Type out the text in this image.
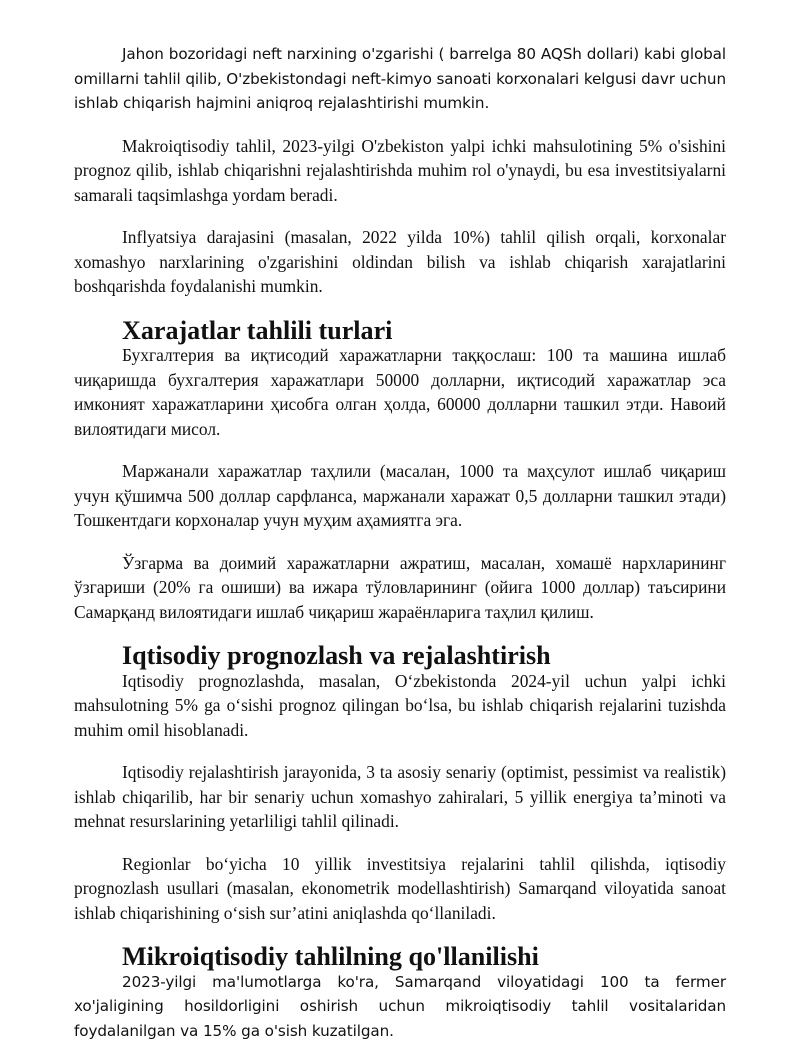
Jahon bozoridagi neft narxining o'zgarishi ( barrelga 80 AQSh dollari) kabi global omillarni tahlil qilib, O'zbekistondagi neft-kimyo sanoati korxonalari kelgusi davr uchun ishlab chiqarish hajmini aniqroq rejalashtirishi mumkin.

Makroiqtisodiy tahlil, 2023-yilgi O'zbekiston yalpi ichki mahsulotining 5% o'sishini prognoz qilib, ishlab chiqarishni rejalashtirishda muhim rol o'ynaydi, bu esa investitsiyalarni samarali taqsimlashga yordam beradi.

Inflyatsiya darajasini (masalan, 2022 yilda 10%) tahlil qilish orqali, korxonalar xomashyo narxlarining o'zgarishini oldindan bilish va ishlab chiqarish xarajatlarini boshqarishda foydalanishi mumkin.

Xarajatlar tahlili turlari

Бухгалтерия ва иқтисодий харажатларни таққослаш: 100 та машина ишлаб чиқаришда бухгалтерия харажатлари 50000 долларни, иқтисодий харажатлар эса имконият харажатларини ҳисобга олган ҳолда, 60000 долларни ташкил этди. Навоий вилоятидаги мисол.

Маржанали харажатлар таҳлили (масалан, 1000 та маҳсулот ишлаб чиқариш учун қўшимча 500 доллар сарфланса, маржанали харажат 0,5 долларни ташкил этади) Тошкентдаги корхоналар учун муҳим аҳамиятга эга.

Ўзгарма ва доимий харажатларни ажратиш, масалан, хомашё нархларининг ўзгариши (20% га ошиши) ва ижара тўловларининг (ойига 1000 доллар) таъсирини Самарқанд вилоятидаги ишлаб чиқариш жараёнларига таҳлил қилиш.

Iqtisodiy prognozlash va rejalashtirish

Iqtisodiy prognozlashda, masalan, O‘zbekistonda 2024-yil uchun yalpi ichki mahsulotning 5% ga o‘sishi prognoz qilingan bo‘lsa, bu ishlab chiqarish rejalarini tuzishda muhim omil hisoblanadi.

Iqtisodiy rejalashtirish jarayonida, 3 ta asosiy senariy (optimist, pessimist va realistik) ishlab chiqarilib, har bir senariy uchun xomashyo zahiralari, 5 yillik energiya ta’minoti va mehnat resurslarining yetarliligi tahlil qilinadi.

Regionlar bo‘yicha 10 yillik investitsiya rejalarini tahlil qilishda, iqtisodiy prognozlash usullari (masalan, ekonometrik modellashtirish) Samarqand viloyatida sanoat ishlab chiqarishining o‘sish sur’atini aniqlashda qo‘llaniladi.

Mikroiqtisodiy tahlilning qo'llanilishi

2023-yilgi ma'lumotlarga ko'ra, Samarqand viloyatidagi 100 ta fermer xo'jaligining hosildorligini oshirish uchun mikroiqtisodiy tahlil vositalaridan foydalanilgan va 15% ga o'sish kuzatilgan.
